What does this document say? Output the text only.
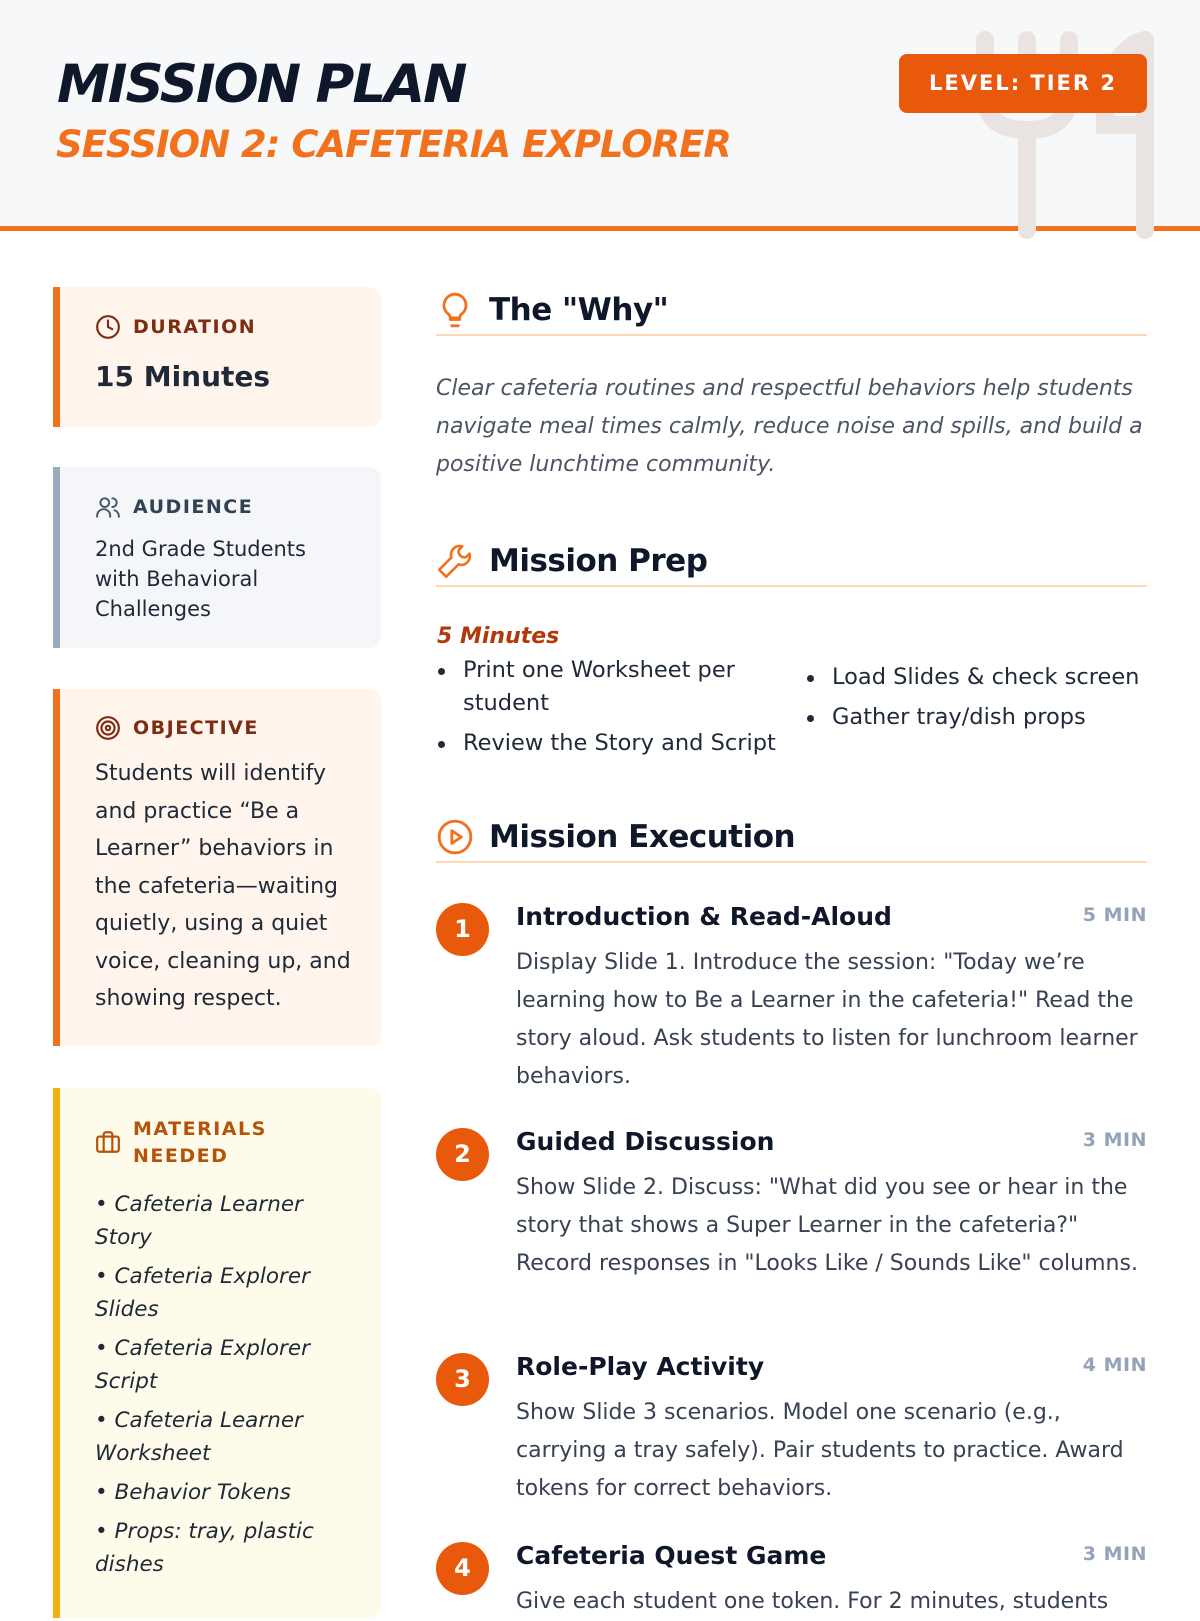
MISSION PLAN
SESSION 2: CAFETERIA EXPLORER
LEVEL: TIER 2
DURATION
15 Minutes
AUDIENCE
2nd Grade Students with Behavioral Challenges
OBJECTIVE
Students will identify and practice “Be a Learner” behaviors in the cafeteria—waiting quietly, using a quiet voice, cleaning up, and showing respect.
MATERIALS NEEDED
• Cafeteria Learner Story
• Cafeteria Explorer Slides
• Cafeteria Explorer Script
• Cafeteria Learner Worksheet
• Behavior Tokens
• Props: tray, plastic dishes
The "Why"
Clear cafeteria routines and respectful behaviors help students navigate meal times calmly, reduce noise and spills, and build a positive lunchtime community.
Mission Prep
5 Minutes
Print one Worksheet per student
Review the Story and Script
Load Slides & check screen
Gather tray/dish props
Mission Execution
1	Introduction & Read-Aloud	5 MIN
Display Slide 1. Introduce the session: "Today we’re learning how to Be a Learner in the cafeteria!" Read the story aloud. Ask students to listen for lunchroom learner behaviors.
2	Guided Discussion	3 MIN
Show Slide 2. Discuss: "What did you see or hear in the story that shows a Super Learner in the cafeteria?" Record responses in "Looks Like / Sounds Like" columns.
3	Role-Play Activity	4 MIN
Show Slide 3 scenarios. Model one scenario (e.g., carrying a tray safely). Pair students to practice. Award tokens for correct behaviors.
4	Cafeteria Quest Game	3 MIN
Give each student one token. For 2 minutes, students
